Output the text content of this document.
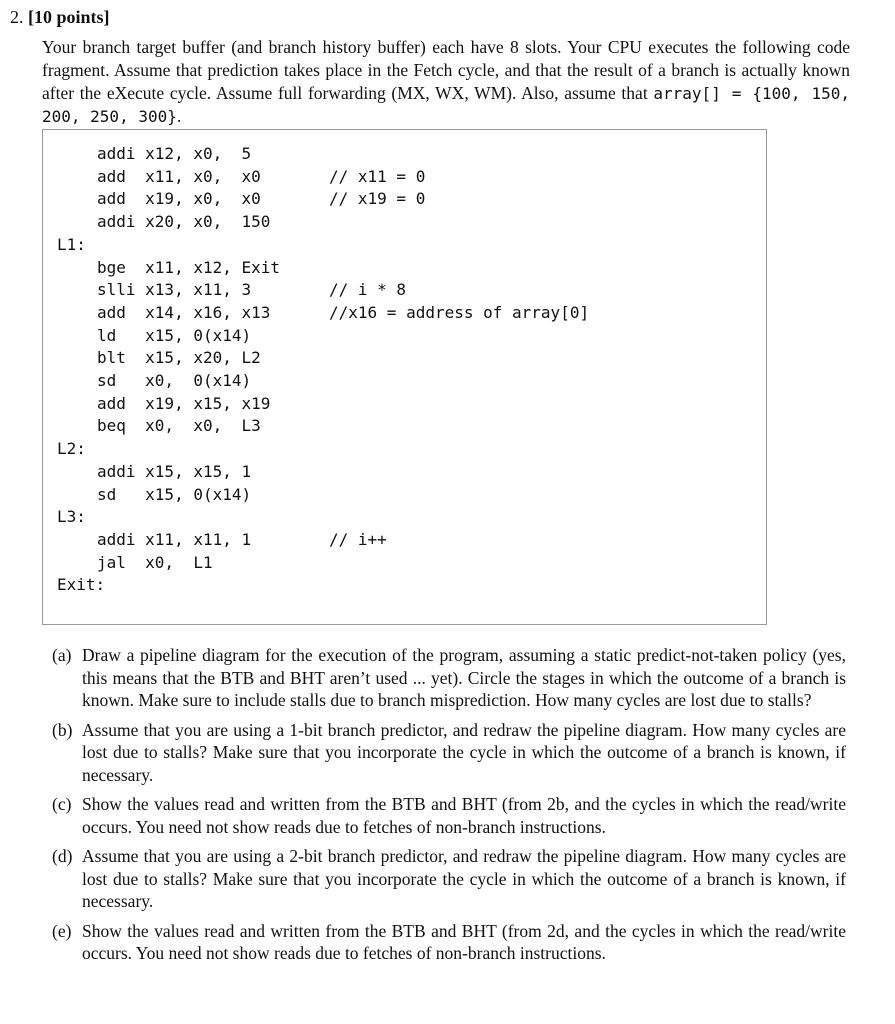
2. [10 points]

Your branch target buffer (and branch history buffer) each have 8 slots. Your CPU executes the following code fragment. Assume that prediction takes place in the Fetch cycle, and that the result of a branch is actually known after the eXecute cycle. Assume full forwarding (MX, WX, WM). Also, assume that array[] = {100, 150, 200, 250, 300}.

addi x12, x0,  5
add  x11, x0,  x0	// x11 = 0
add  x19, x0,  x0	// x19 = 0
addi x20, x0,  150
L1:
bge  x11, x12, Exit
slli x13, x11, 3	// i * 8
add  x14, x16, x13	//x16 = address of array[0]
ld   x15, 0(x14)
blt  x15, x20, L2
sd   x0,  0(x14)
add  x19, x15, x19
beq  x0,  x0,  L3
L2:
addi x15, x15, 1
sd   x15, 0(x14)
L3:
addi x11, x11, 1	// i++
jal  x0,  L1
Exit:
(a) Draw a pipeline diagram for the execution of the program, assuming a static predict-not-taken policy (yes, this means that the BTB and BHT aren’t used ... yet). Circle the stages in which the outcome of a branch is known. Make sure to include stalls due to branch misprediction. How many cycles are lost due to stalls?
(b) Assume that you are using a 1-bit branch predictor, and redraw the pipeline diagram. How many cycles are lost due to stalls? Make sure that you incorporate the cycle in which the outcome of a branch is known, if necessary.
(c) Show the values read and written from the BTB and BHT (from 2b, and the cycles in which the read/write occurs. You need not show reads due to fetches of non-branch instructions.
(d) Assume that you are using a 2-bit branch predictor, and redraw the pipeline diagram. How many cycles are lost due to stalls? Make sure that you incorporate the cycle in which the outcome of a branch is known, if necessary.
(e) Show the values read and written from the BTB and BHT (from 2d, and the cycles in which the read/write occurs. You need not show reads due to fetches of non-branch instructions.
